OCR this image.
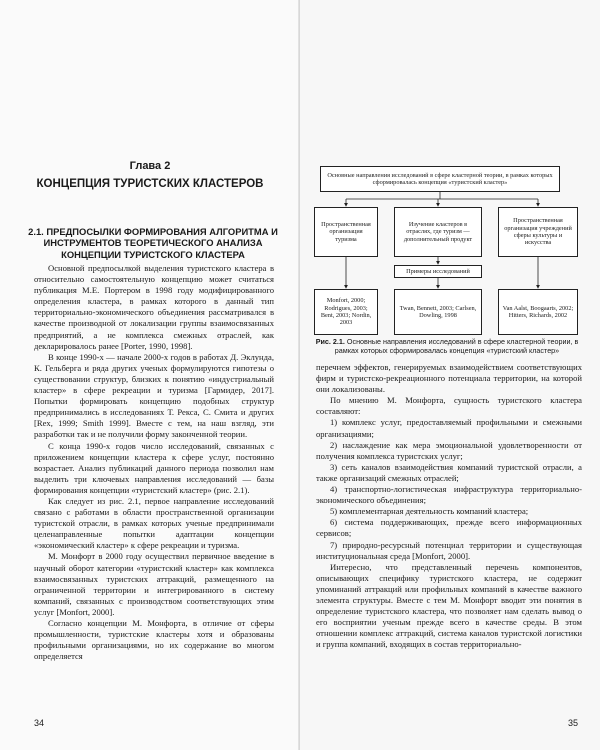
Глава 2
КОНЦЕПЦИЯ ТУРИСТСКИХ КЛАСТЕРОВ
2.1. ПРЕДПОСЫЛКИ ФОРМИРОВАНИЯ АЛГОРИТМА И ИНСТРУМЕНТОВ ТЕОРЕТИЧЕСКОГО АНАЛИЗА КОНЦЕПЦИИ ТУРИСТСКОГО КЛАСТЕРА

Основной предпосылкой выделения туристского кластера в относительно самостоятельную концепцию может считаться публикация М.Е. Портером в 1998 году модифицированного определения кластера, в рамках которого в данный тип территориально-экономического объединения рассматривался в качестве производной от локализации группы взаимосвязанных предприятий, а не комплекса смежных отраслей, как декларировалось ранее [Porter, 1990, 1998].

В конце 1990-х — начале 2000-х годов в работах Д. Эклунда, К. Гельберга и ряда других ученых формулируются гипотезы о существовании структур, близких к понятию «индустриальный кластер» в сфере рекреации и туризма [Гармидер, 2017]. Попытки формировать концепцию подобных структур предпринимались в исследованиях Т. Рекса, С. Смита и других [Rex, 1999; Smith 1999]. Вместе с тем, на наш взгляд, эти разработки так и не получили форму законченной теории.

С конца 1990-х годов число исследований, связанных с приложением концепции кластера к сфере услуг, постоянно возрастает. Анализ публикаций данного периода позволил нам выделить три ключевых направления исследований — базы формирования концепции «туристский кластер» (рис. 2.1).

Как следует из рис. 2.1, первое направление исследований связано с работами в области пространственной организации туристской отрасли, в рамках которых ученые предпринимали целенаправленные попытки адаптации концепции «экономический кластер» к сфере рекреации и туризма.

М. Монфорт в 2000 году осуществил первичное введение в научный оборот категории «туристский кластер» как комплекса взаимосвязанных туристских аттракций, размещенного на ограниченной территории и интегрированного в систему компаний, связанных с производством соответствующих этим услуг [Monfort, 2000].

Согласно концепции М. Монфорта, в отличие от сферы промышленности, туристские кластеры хотя и образованы профильными организациями, но их содержание во многом определяется

34
Основные направления исследований в сфере кластерной теории, в рамках которых сформировалась концепция «туристский кластер»
Пространственная организация туризма
Изучение кластеров в отраслях, где туризм — дополнительный продукт
Пространственная организация учреждений сферы культуры и искусства
Примеры исследований
Monfort, 2000; Rodrigues, 2003; Bent, 2003; Nordin, 2003
Twan, Bennett, 2003; Carlsen, Dowling, 1998
Van Aalst, Boogaarts, 2002; Hitters, Richards, 2002
Рис. 2.1. Основные направления исследований в сфере кластерной теории, в рамках которых сформировалась концепция «туристский кластер»

перечнем эффектов, генерируемых взаимодействием соответствующих фирм и туристско-рекреационного потенциала территории, на которой они локализованы.

По мнению М. Монфорта, сущность туристского кластера составляют:

1) комплекс услуг, предоставляемый профильными и смежными организациями;

2) наслаждение как мера эмоциональной удовлетворенности от получения комплекса туристских услуг;

3) сеть каналов взаимодействия компаний туристской отрасли, а также организаций смежных отраслей;

4) транспортно-логистическая инфраструктура территориально-экономического объединения;

5) комплементарная деятельность компаний кластера;

6) система поддерживающих, прежде всего информационных сервисов;

7) природно-ресурсный потенциал территории и существующая институциональная среда [Monfort, 2000].

Интересно, что представленный перечень компонентов, описывающих специфику туристского кластера, не содержит упоминаний аттракций или профильных компаний в качестве важного элемента структуры. Вместе с тем М. Монфорт вводит эти понятия в определение туристского кластера, что позволяет нам сделать вывод о его восприятии ученым прежде всего в качестве среды. В этом отношении комплекс аттракций, система каналов туристской логистики и группа компаний, входящих в состав территориально-

35
